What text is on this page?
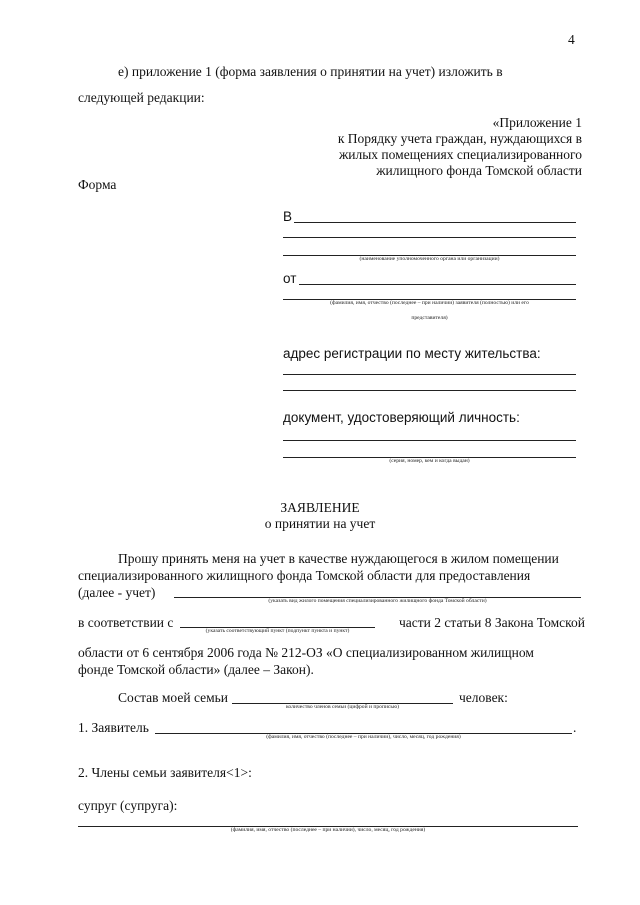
4
е) приложение 1 (форма заявления о принятии на учет) изложить в
следующей редакции:
«Приложение 1
к Порядку учета граждан, нуждающихся в
жилых помещениях специализированного
жилищного фонда Томской области
Форма
В
(наименование уполномоченного органа или организации)
от
(фамилия, имя, отчество (последнее – при наличии) заявителя (полностью) или его
представителя)
адрес регистрации по месту жительства:
документ, удостоверяющий личность:
(серия, номер, кем и когда выдан)
ЗАЯВЛЕНИЕ
о принятии на учет
Прошу принять меня на учет в качестве нуждающегося в жилом помещении
специализированного жилищного фонда Томской области для предоставления
(далее - учет)
(указать вид жилого помещения специализированного жилищного фонда Томской области)
в соответствии с
(указать соответствующий пункт (подпункт пункта и пункт)
части 2 статьи 8 Закона Томской
области от 6 сентября 2006 года № 212-ОЗ «О специализированном жилищном
фонде Томской области» (далее – Закон).
Состав моей семьи
количество членов семьи (цифрой и прописью)
человек:
1. Заявитель	.
(фамилия, имя, отчество (последнее – при наличии), число, месяц, год рождения)
2. Члены семьи заявителя<1>:
супруг (супруга):
(фамилия, имя, отчество (последнее – при наличии), число, месяц, год рождения)
